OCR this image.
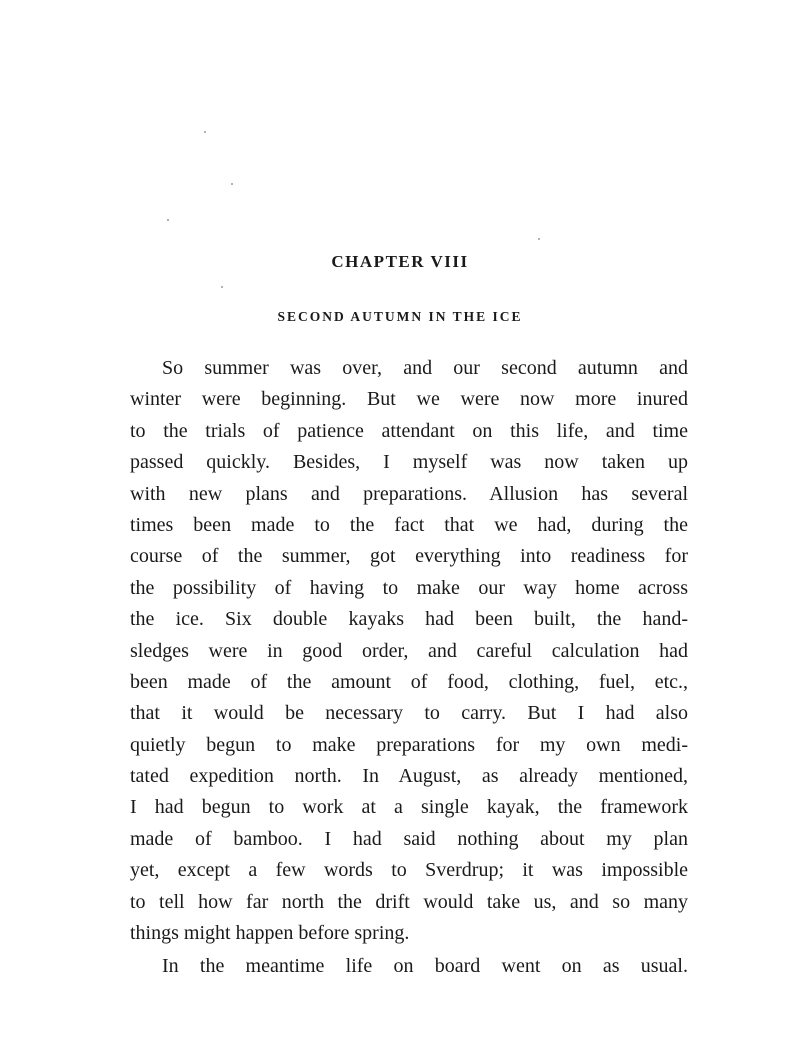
CHAPTER VIII
SECOND AUTUMN IN THE ICE

So summer was over, and our second autumn and
winter were beginning. But we were now more inured
to the trials of patience attendant on this life, and time
passed quickly. Besides, I myself was now taken up
with new plans and preparations. Allusion has several
times been made to the fact that we had, during the
course of the summer, got everything into readiness for
the possibility of having to make our way home across
the ice. Six double kayaks had been built, the hand-
sledges were in good order, and careful calculation had
been made of the amount of food, clothing, fuel, etc.,
that it would be necessary to carry. But I had also
quietly begun to make preparations for my own medi-
tated expedition north. In August, as already mentioned,
I had begun to work at a single kayak, the framework
made of bamboo. I had said nothing about my plan
yet, except a few words to Sverdrup; it was impossible
to tell how far north the drift would take us, and so many
things might happen before spring.

In the meantime life on board went on as usual.
